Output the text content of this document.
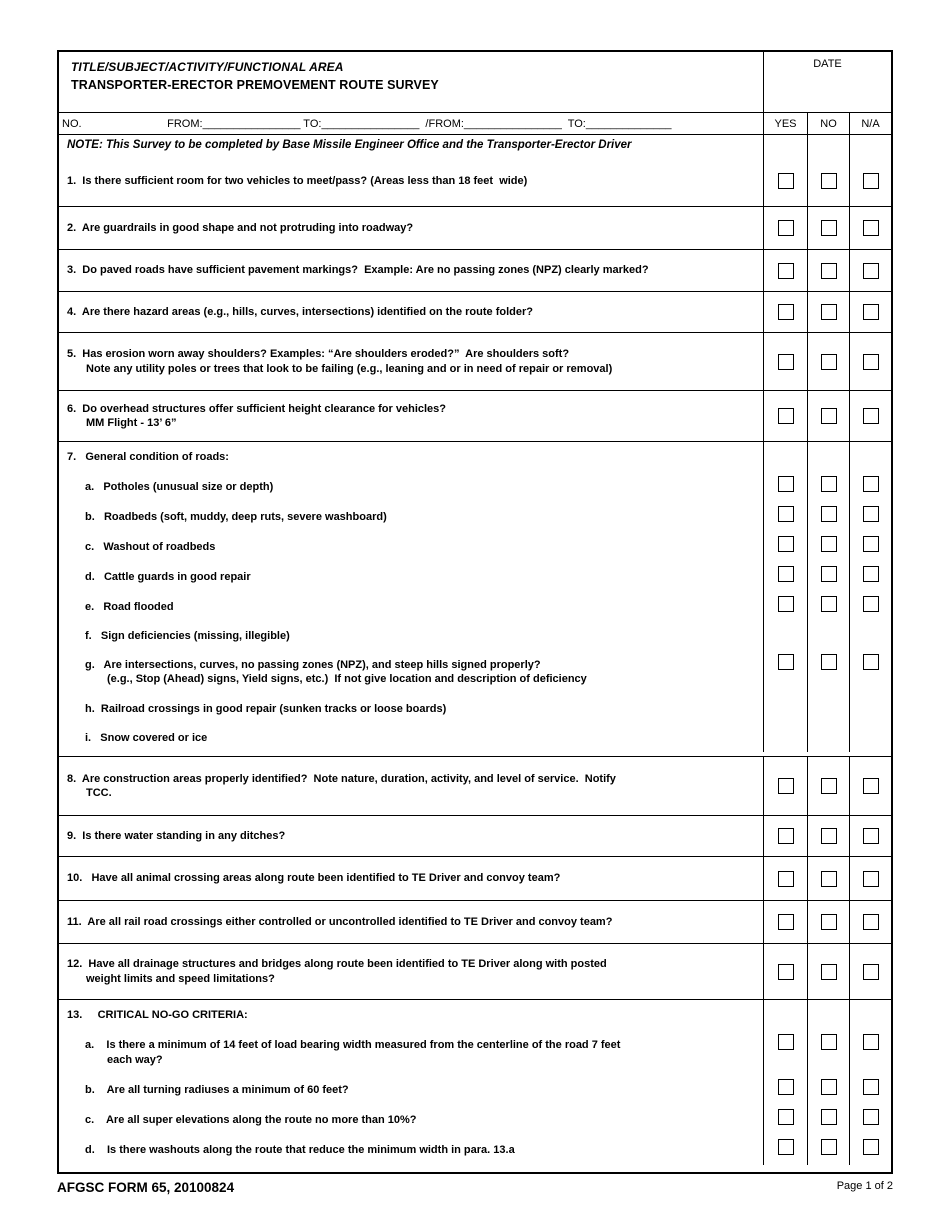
TITLE/SUBJECT/ACTIVITY/FUNCTIONAL AREA
TRANSPORTER-ERECTOR PREMOVEMENT ROUTE SURVEY
DATE
NO.                            FROM:________________ TO:________________  /FROM:________________  TO:______________	YES	NO	N/A
NOTE: This Survey to be completed by Base Missile Engineer Office and the Transporter-Erector Driver
1.  Is there sufficient room for two vehicles to meet/pass? (Areas less than 18 feet  wide)
2.  Are guardrails in good shape and not protruding into roadway?
3.  Do paved roads have sufficient pavement markings?  Example: Are no passing zones (NPZ) clearly marked?
4.  Are there hazard areas (e.g., hills, curves, intersections) identified on the route folder?
5.  Has erosion worn away shoulders? Examples: “Are shoulders eroded?”  Are shoulders soft?
Note any utility poles or trees that look to be failing (e.g., leaning and or in need of repair or removal)
6.  Do overhead structures offer sufficient height clearance for vehicles?
MM Flight - 13’ 6”
7.   General condition of roads:
a.   Potholes (unusual size or depth)
b.   Roadbeds (soft, muddy, deep ruts, severe washboard)
c.   Washout of roadbeds
d.   Cattle guards in good repair
e.   Road flooded
f.   Sign deficiencies (missing, illegible)
g.   Are intersections, curves, no passing zones (NPZ), and steep hills signed properly?
(e.g., Stop (Ahead) signs, Yield signs, etc.)  If not give location and description of deficiency
h.  Railroad crossings in good repair (sunken tracks or loose boards)
i.   Snow covered or ice
8.  Are construction areas properly identified?  Note nature, duration, activity, and level of service.  Notify
TCC.
9.  Is there water standing in any ditches?
10.   Have all animal crossing areas along route been identified to TE Driver and convoy team?
11.  Are all rail road crossings either controlled or uncontrolled identified to TE Driver and convoy team?
12.  Have all drainage structures and bridges along route been identified to TE Driver along with posted
weight limits and speed limitations?
13.     CRITICAL NO-GO CRITERIA:
a.    Is there a minimum of 14 feet of load bearing width measured from the centerline of the road 7 feet
each way?
b.    Are all turning radiuses a minimum of 60 feet?
c.    Are all super elevations along the route no more than 10%?
d.    Is there washouts along the route that reduce the minimum width in para. 13.a
AFGSC FORM 65, 20100824	Page 1 of 2
